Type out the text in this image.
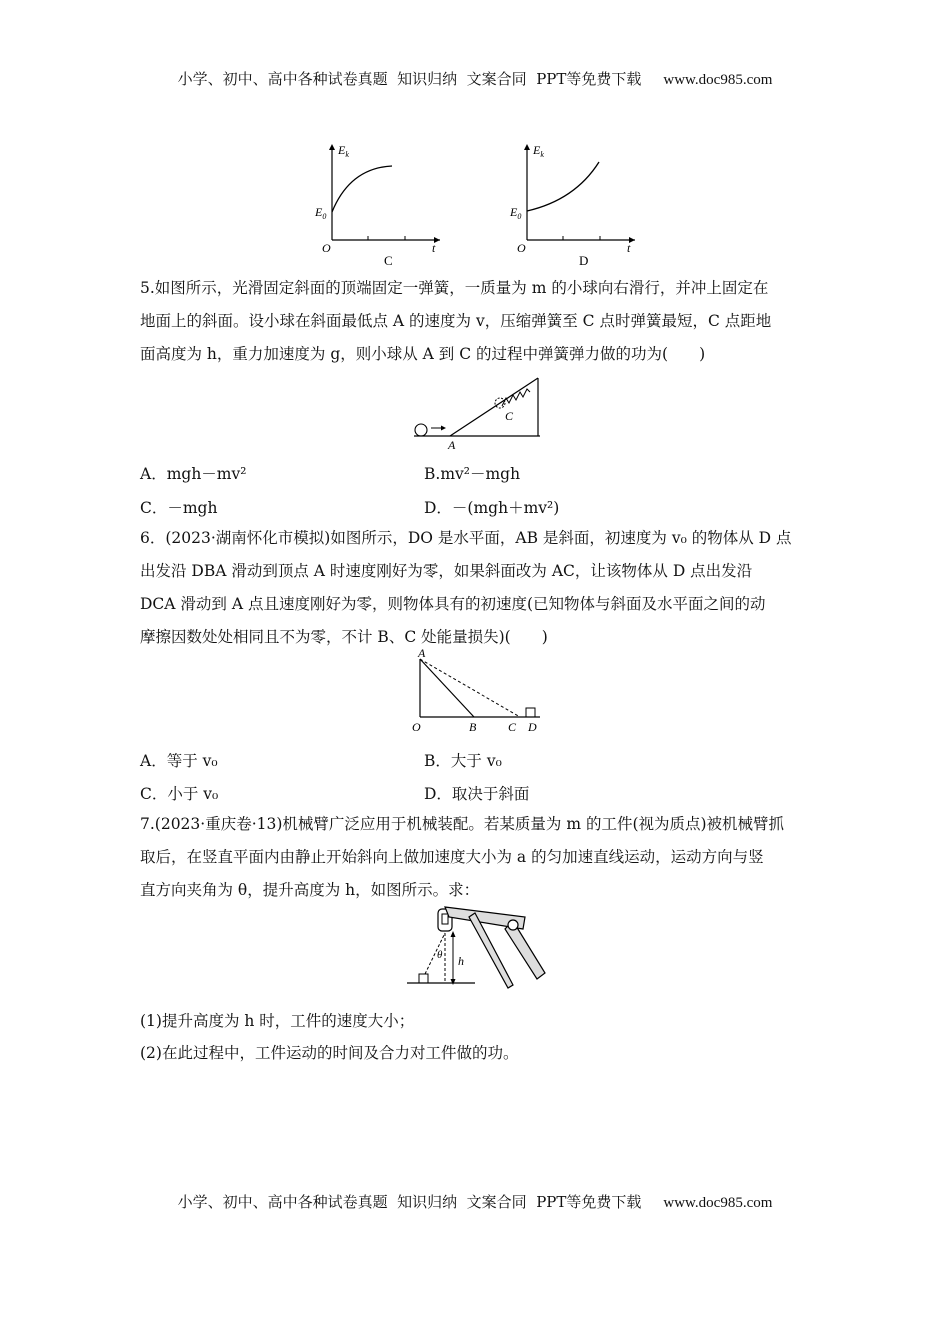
小学、初中、高中各种试卷真题  知识归纳  文案合同  PPT等免费下载 www.doc985.com
$E_k$
$E_0$
O	t
C
$E_k$
$E_0$
O	t
D
5.如图所示，光滑固定斜面的顶端固定一弹簧，一质量为 m 的小球向右滑行，并冲上固定在
地面上的斜面。设小球在斜面最低点 A 的速度为 v，压缩弹簧至 C 点时弹簧最短，C 点距地
面高度为 h，重力加速度为 g，则小球从 A 到 C 的过程中弹簧弹力做的功为(　　)
A
C
A．mgh－mv²	B.mv²－mgh
C．－mgh	D．－(mgh＋mv²)
6．(2023·湖南怀化市模拟)如图所示，DO 是水平面，AB 是斜面，初速度为 v₀ 的物体从 D 点
出发沿 DBA 滑动到顶点 A 时速度刚好为零，如果斜面改为 AC，让该物体从 D 点出发沿
DCA 滑动到 A 点且速度刚好为零，则物体具有的初速度(已知物体与斜面及水平面之间的动
摩擦因数处处相同且不为零，不计 B、C 处能量损失)(　　)
A
O	B	C D
A．等于 v₀	B．大于 v₀
C．小于 v₀	D．取决于斜面
7.(2023·重庆卷·13)机械臂广泛应用于机械装配。若某质量为 m 的工件(视为质点)被机械臂抓
取后，在竖直平面内由静止开始斜向上做加速度大小为 a 的匀加速直线运动，运动方向与竖
直方向夹角为 θ，提升高度为 h，如图所示。求：
θ h
(1)提升高度为 h 时，工件的速度大小；
(2)在此过程中，工件运动的时间及合力对工件做的功。
小学、初中、高中各种试卷真题  知识归纳  文案合同  PPT等免费下载 www.doc985.com
